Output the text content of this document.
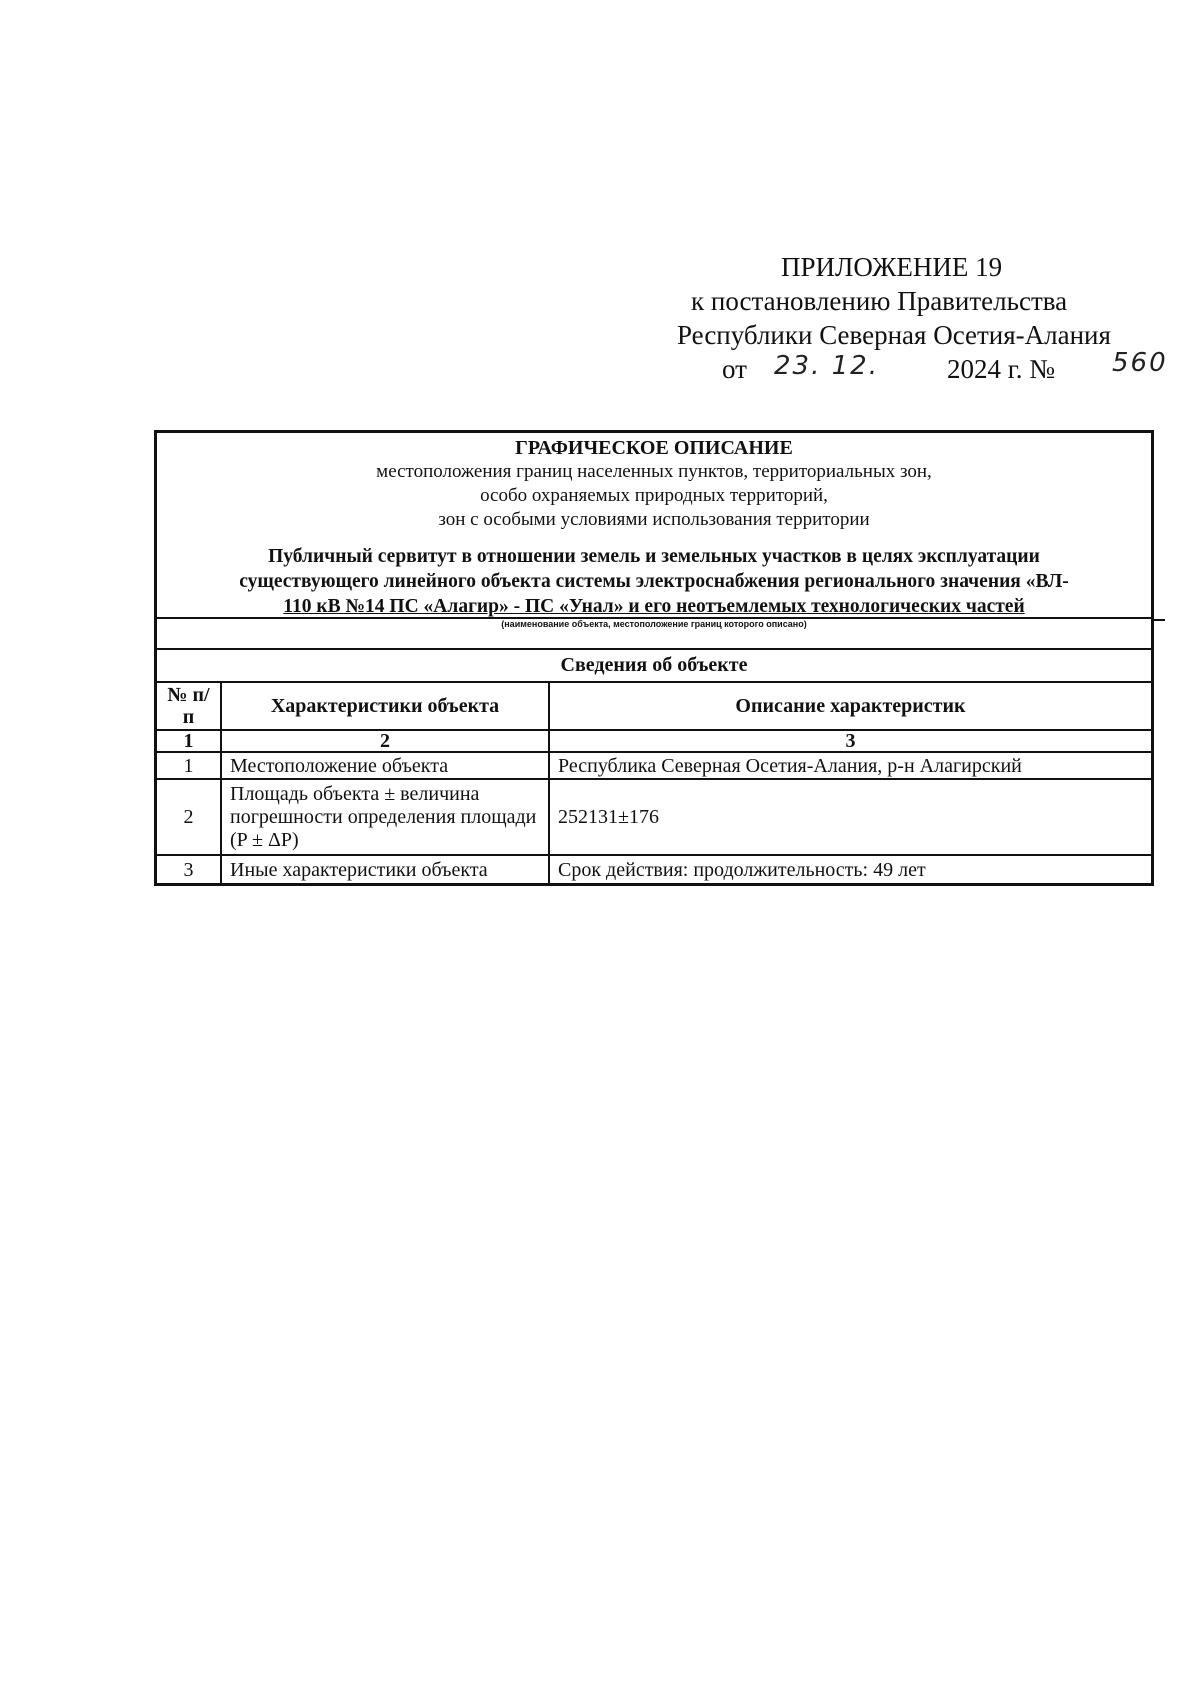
ПРИЛОЖЕНИЕ 19
к постановлению Правительства
Республики Северная Осетия-Алания
от 23. 12.	2024 г. № 560
ГРАФИЧЕСКОЕ ОПИСАНИЕ
местоположения границ населенных пунктов, территориальных зон,
особо охраняемых природных территорий,
зон с особыми условиями использования территории
Публичный сервитут в отношении земель и земельных участков в целях эксплуатации
существующего линейного объекта системы электроснабжения регионального значения «ВЛ-
110 кВ №14 ПС «Алагир» - ПС «Унал» и его неотъемлемых технологических частей
(наименование объекта, местоположение границ которого описано)
Сведения об объекте
№ п/п	Характеристики объекта	Описание характеристик
1	2	3
1	Местоположение объекта	Республика Северная Осетия-Алания, р-н Алагирский
2	Площадь объекта ± величина погрешности определения площади (P ± ΔP)	252131±176
3	Иные характеристики объекта	Срок действия: продолжительность: 49 лет
